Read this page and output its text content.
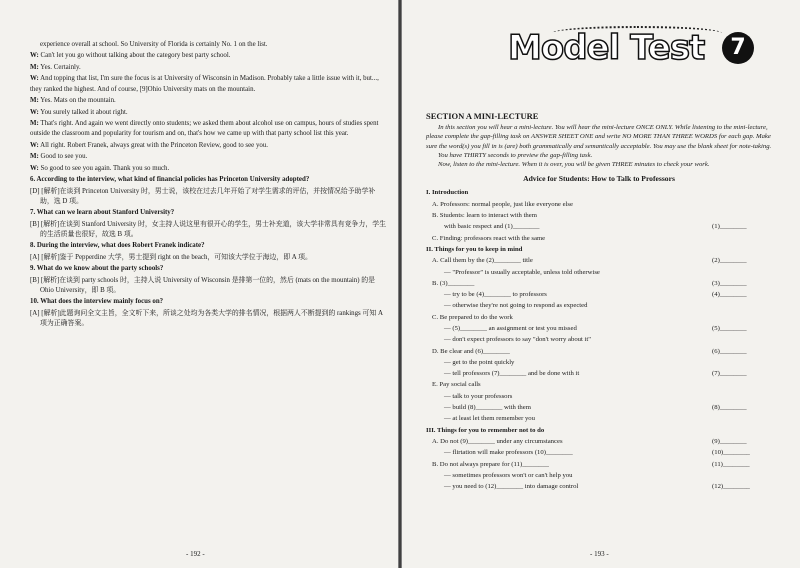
experience overall at school. So University of Florida is certainly No. 1 on the list.

W: Can't let you go without talking about the category best party school.

M: Yes. Certainly.

W: And topping that list, I'm sure the focus is at University of Wisconsin in Madison. Probably take a little issue with it, but..., they ranked the highest. And of course, [9]Ohio University mats on the mountain.

M: Yes. Mats on the mountain.

W: You surely talked it about right.

M: That's right. And again we went directly onto students; we asked them about alcohol use on campus, hours of studies spent outside the classroom and popularity for tourism and on, that's how we came up with that party school list this year.

W: All right. Robert Franek, always great with the Princeton Review, good to see you.

M: Good to see you.

W: So good to see you again. Thank you so much.

6. According to the interview, what kind of financial policies has Princeton University adopted?

[D] [解析]在谈到 Princeton University 时，男士说，该校在过去几年开始了对学生需求的评估，并按情况给予助学补助，选 D 项。

7. What can we learn about Stanford University?

[B] [解析]在谈到 Stanford University 时，女主持人说这里有很开心的学生，男士补充道，该大学非常具有竞争力，学生的生活质量也很好，故选 B 项。

8. During the interview, what does Robert Franek indicate?

[A] [解析]鉴于 Pepperdine 大学，男士提到 right on the beach，可知该大学位于海边，即 A 项。

9. What do we know about the party schools?

[B] [解析]在谈到 party schools 时，主持人说 University of Wisconsin 是排第一位的，然后 (mats on the mountain) 的是 Ohio University，即 B 项。

10. What does the interview mainly focus on?

[A] [解析]此题询问全文主旨，全文听下来，所谈之处均为各类大学的排名情况，根据两人不断提到的 rankings 可知 A 项为正确答案。

- 192 -
Model Test	7
SECTION A MINI-LECTURE

In this section you will hear a mini-lecture. You will hear the mini-lecture ONCE ONLY. While listening to the mini-lecture, please complete the gap-filling task on ANSWER SHEET ONE and write NO MORE THAN THREE WORDS for each gap. Make sure the word(s) you fill in is (are) both grammatically and semantically acceptable. You may use the blank sheet for note-taking.

You have THIRTY seconds to preview the gap-filling task.

Now, listen to the mini-lecture. When it is over, you will be given THREE minutes to check your work.

Advice for Students: How to Talk to Professors
I. Introduction
A. Professors: normal people, just like everyone else
B. Students: learn to interact with them
with basic respect and (1)________	(1)________
C. Finding: professors react with the same
II. Things for you to keep in mind
A. Call them by the (2)________ title	(2)________
— "Professor" is usually acceptable, unless told otherwise
B. (3)________	(3)________
— try to be (4)________ to professors	(4)________
— otherwise they're not going to respond as expected
C. Be prepared to do the work
— (5)________ an assignment or test you missed	(5)________
— don't expect professors to say "don't worry about it"
D. Be clear and (6)________	(6)________
— get to the point quickly
— tell professors (7)________ and be done with it	(7)________
E. Pay social calls
— talk to your professors
— build (8)________ with them	(8)________
— at least let them remember you
III. Things for you to remember not to do
A. Do not (9)________ under any circumstances	(9)________
— flirtation will make professors (10)________	(10)________
B. Do not always prepare for (11)________	(11)________
— sometimes professors won't or can't help you
— you need to (12)________ into damage control	(12)________
- 193 -
